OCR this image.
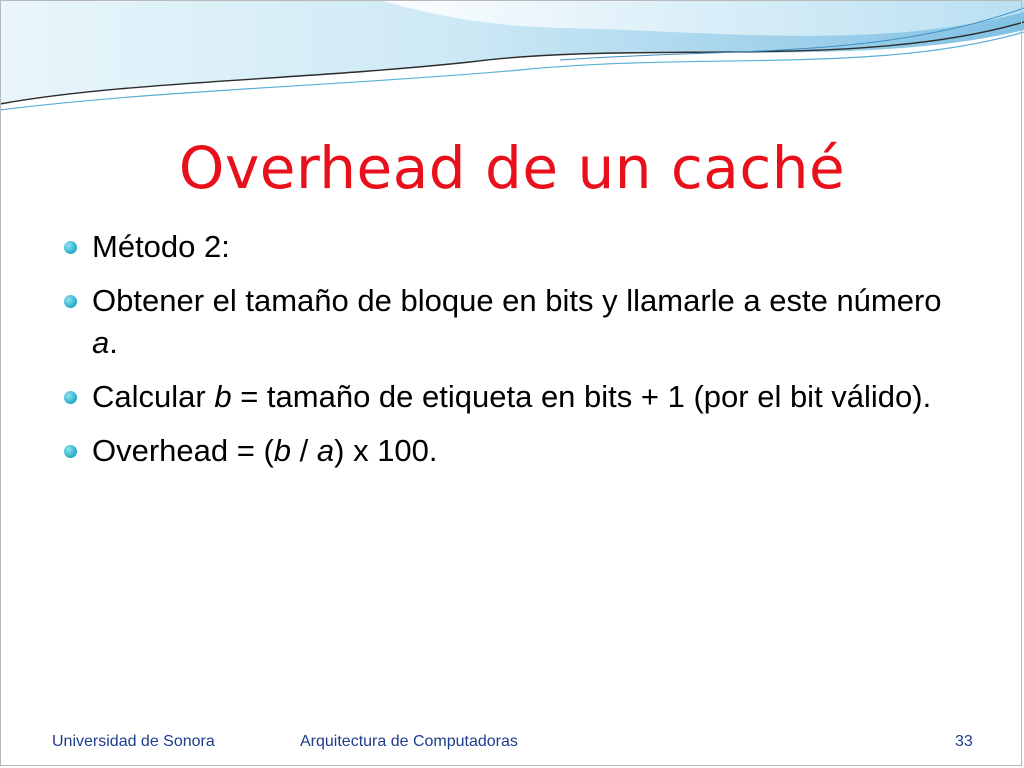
Overhead de un caché
Método 2:
Obtener el tamaño de bloque en bits y llamarle a este número a.
Calcular b = tamaño de etiqueta en bits + 1 (por el bit válido).
Overhead = (b / a) x 100.
Universidad de Sonora	Arquitectura de Computadoras	33
